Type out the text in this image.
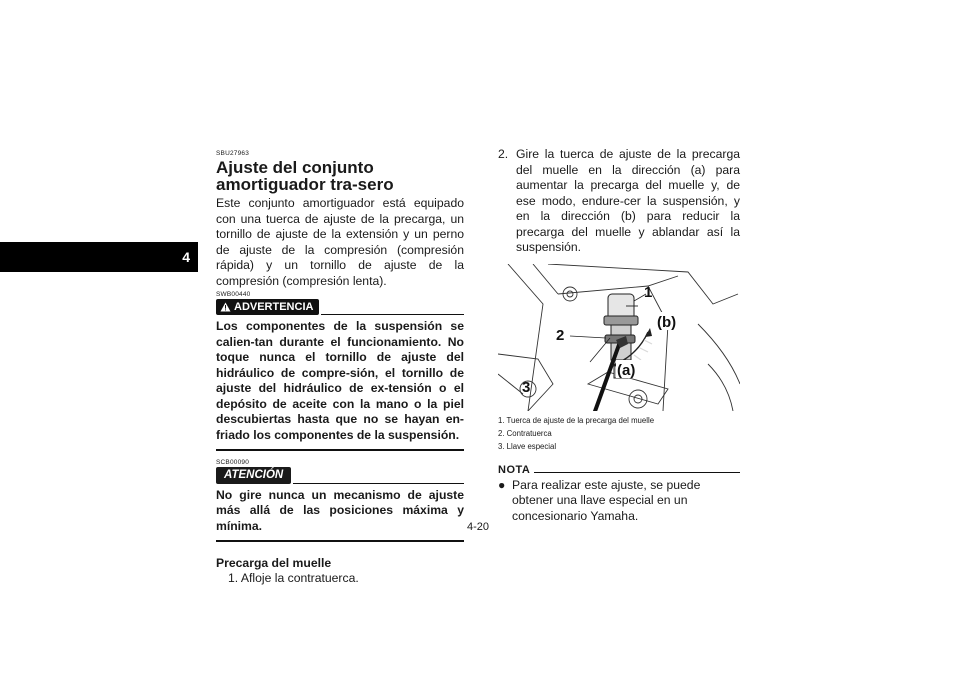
4

SBU27963

Ajuste del conjunto amortiguador tra-sero

Este conjunto amortiguador está equipado con una tuerca de ajuste de la precarga, un tornillo de ajuste de la extensión y un perno de ajuste de la compresión (compresión rápida) y un tornillo de ajuste de la compresión (compresión lenta).

SWB00440

ADVERTENCIA

Los componentes de la suspensión se calien-tan durante el funcionamiento. No toque nunca el tornillo de ajuste del hidráulico de compre-sión, el tornillo de ajuste del hidráulico de ex-tensión o el depósito de aceite con la mano o la piel descubiertas hasta que no se hayan en-friado los componentes de la suspensión.

SCB00090

ATENCIÓN

No gire nunca un mecanismo de ajuste más allá de las posiciones máxima y mínima.

Precarga del muelle

1. Afloje la contratuerca.

2. Gire la tuerca de ajuste de la precarga del muelle en la dirección (a) para aumentar la precarga del muelle y, de ese modo, endure-cer la suspensión, y en la dirección (b) para reducir la precarga del muelle y ablandar así la suspensión.
1
2
3
(a)
(b)
1. Tuerca de ajuste de la precarga del muelle
2. Contratuerca
3. Llave especial
NOTA
● Para realizar este ajuste, se puede obtener una llave especial en un concesionario Yamaha.
4-20
